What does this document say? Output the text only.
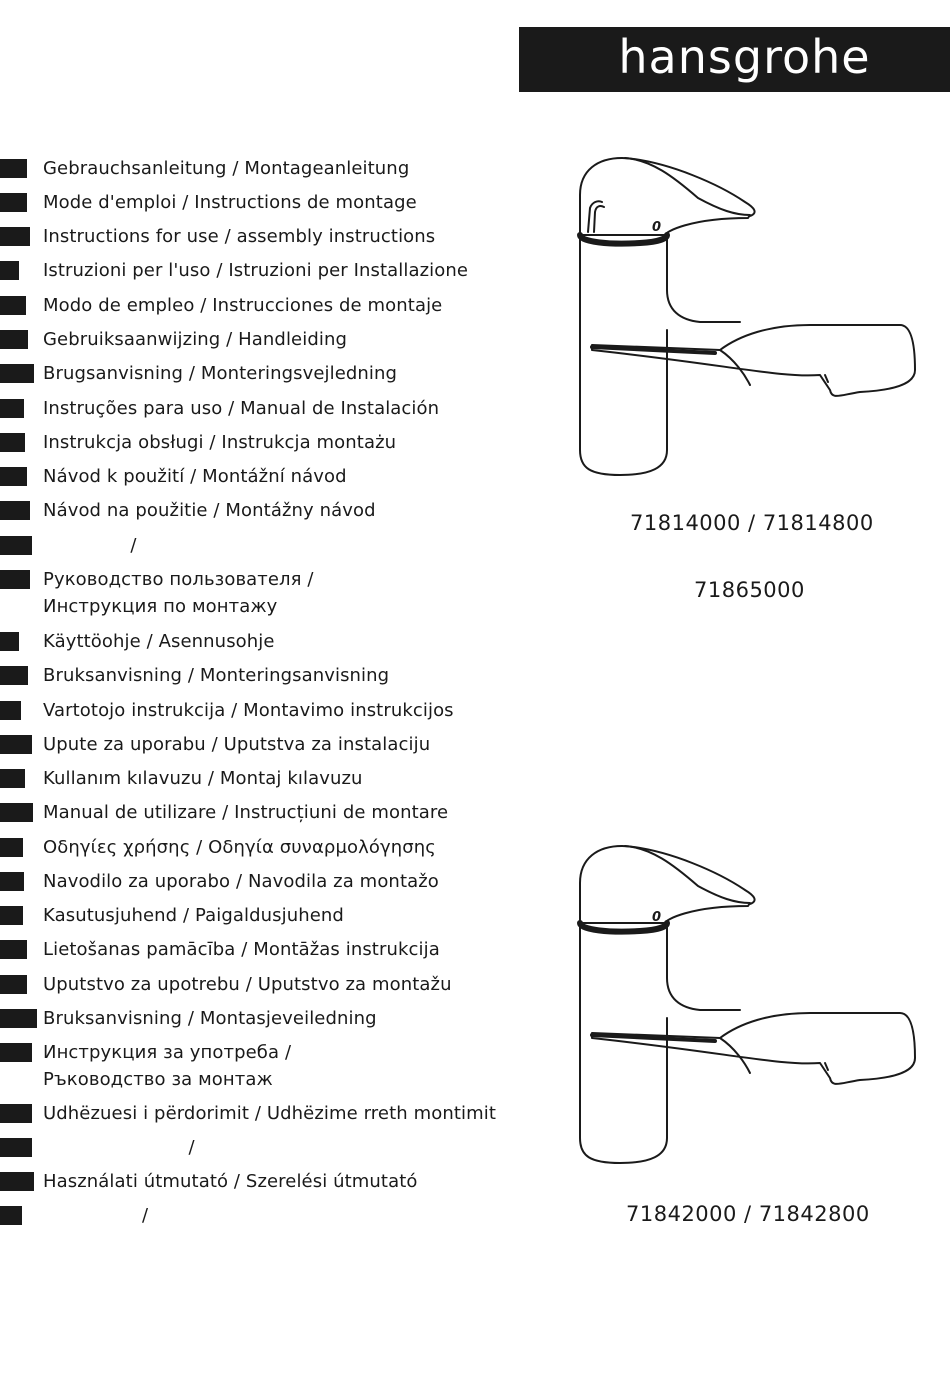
hansgrohe
Gebrauchsanleitung / Montageanleitung
Mode d'emploi / Instructions de montage
Instructions for use / assembly instructions
Istruzioni per l'uso / Istruzioni per Installazione
Modo de empleo / Instrucciones de montaje
Gebruiksaanwijzing / Handleiding
Brugsanvisning / Monteringsvejledning
Instruções para uso / Manual de Instalación
Instrukcja obsługi / Instrukcja montażu
Návod k použití / Montážní návod
Návod na použitie / Montážny návod
/
Руководство пользователя /
Инструкция по монтажу
Käyttöohje / Asennusohje
Bruksanvisning / Monteringsanvisning
Vartotojo instrukcija / Montavimo instrukcijos
Upute za uporabu / Uputstva za instalaciju
Kullanım kılavuzu / Montaj kılavuzu
Manual de utilizare / Instrucțiuni de montare
Οδηγίες χρήσης / Οδηγία συναρμολόγησης
Navodilo za uporabo / Navodila za montažo
Kasutusjuhend / Paigaldusjuhend
Lietošanas pamācība / Montāžas instrukcija
Uputstvo za upotrebu / Uputstvo za montažu
Bruksanvisning / Montasjeveiledning
Инструкция за употреба /
Ръководство за монтаж
Udhëzuesi i përdorimit / Udhëzime rreth montimit
/
Használati útmutató / Szerelési útmutató
/
0
71814000 / 71814800
71865000
0
71842000 / 71842800
